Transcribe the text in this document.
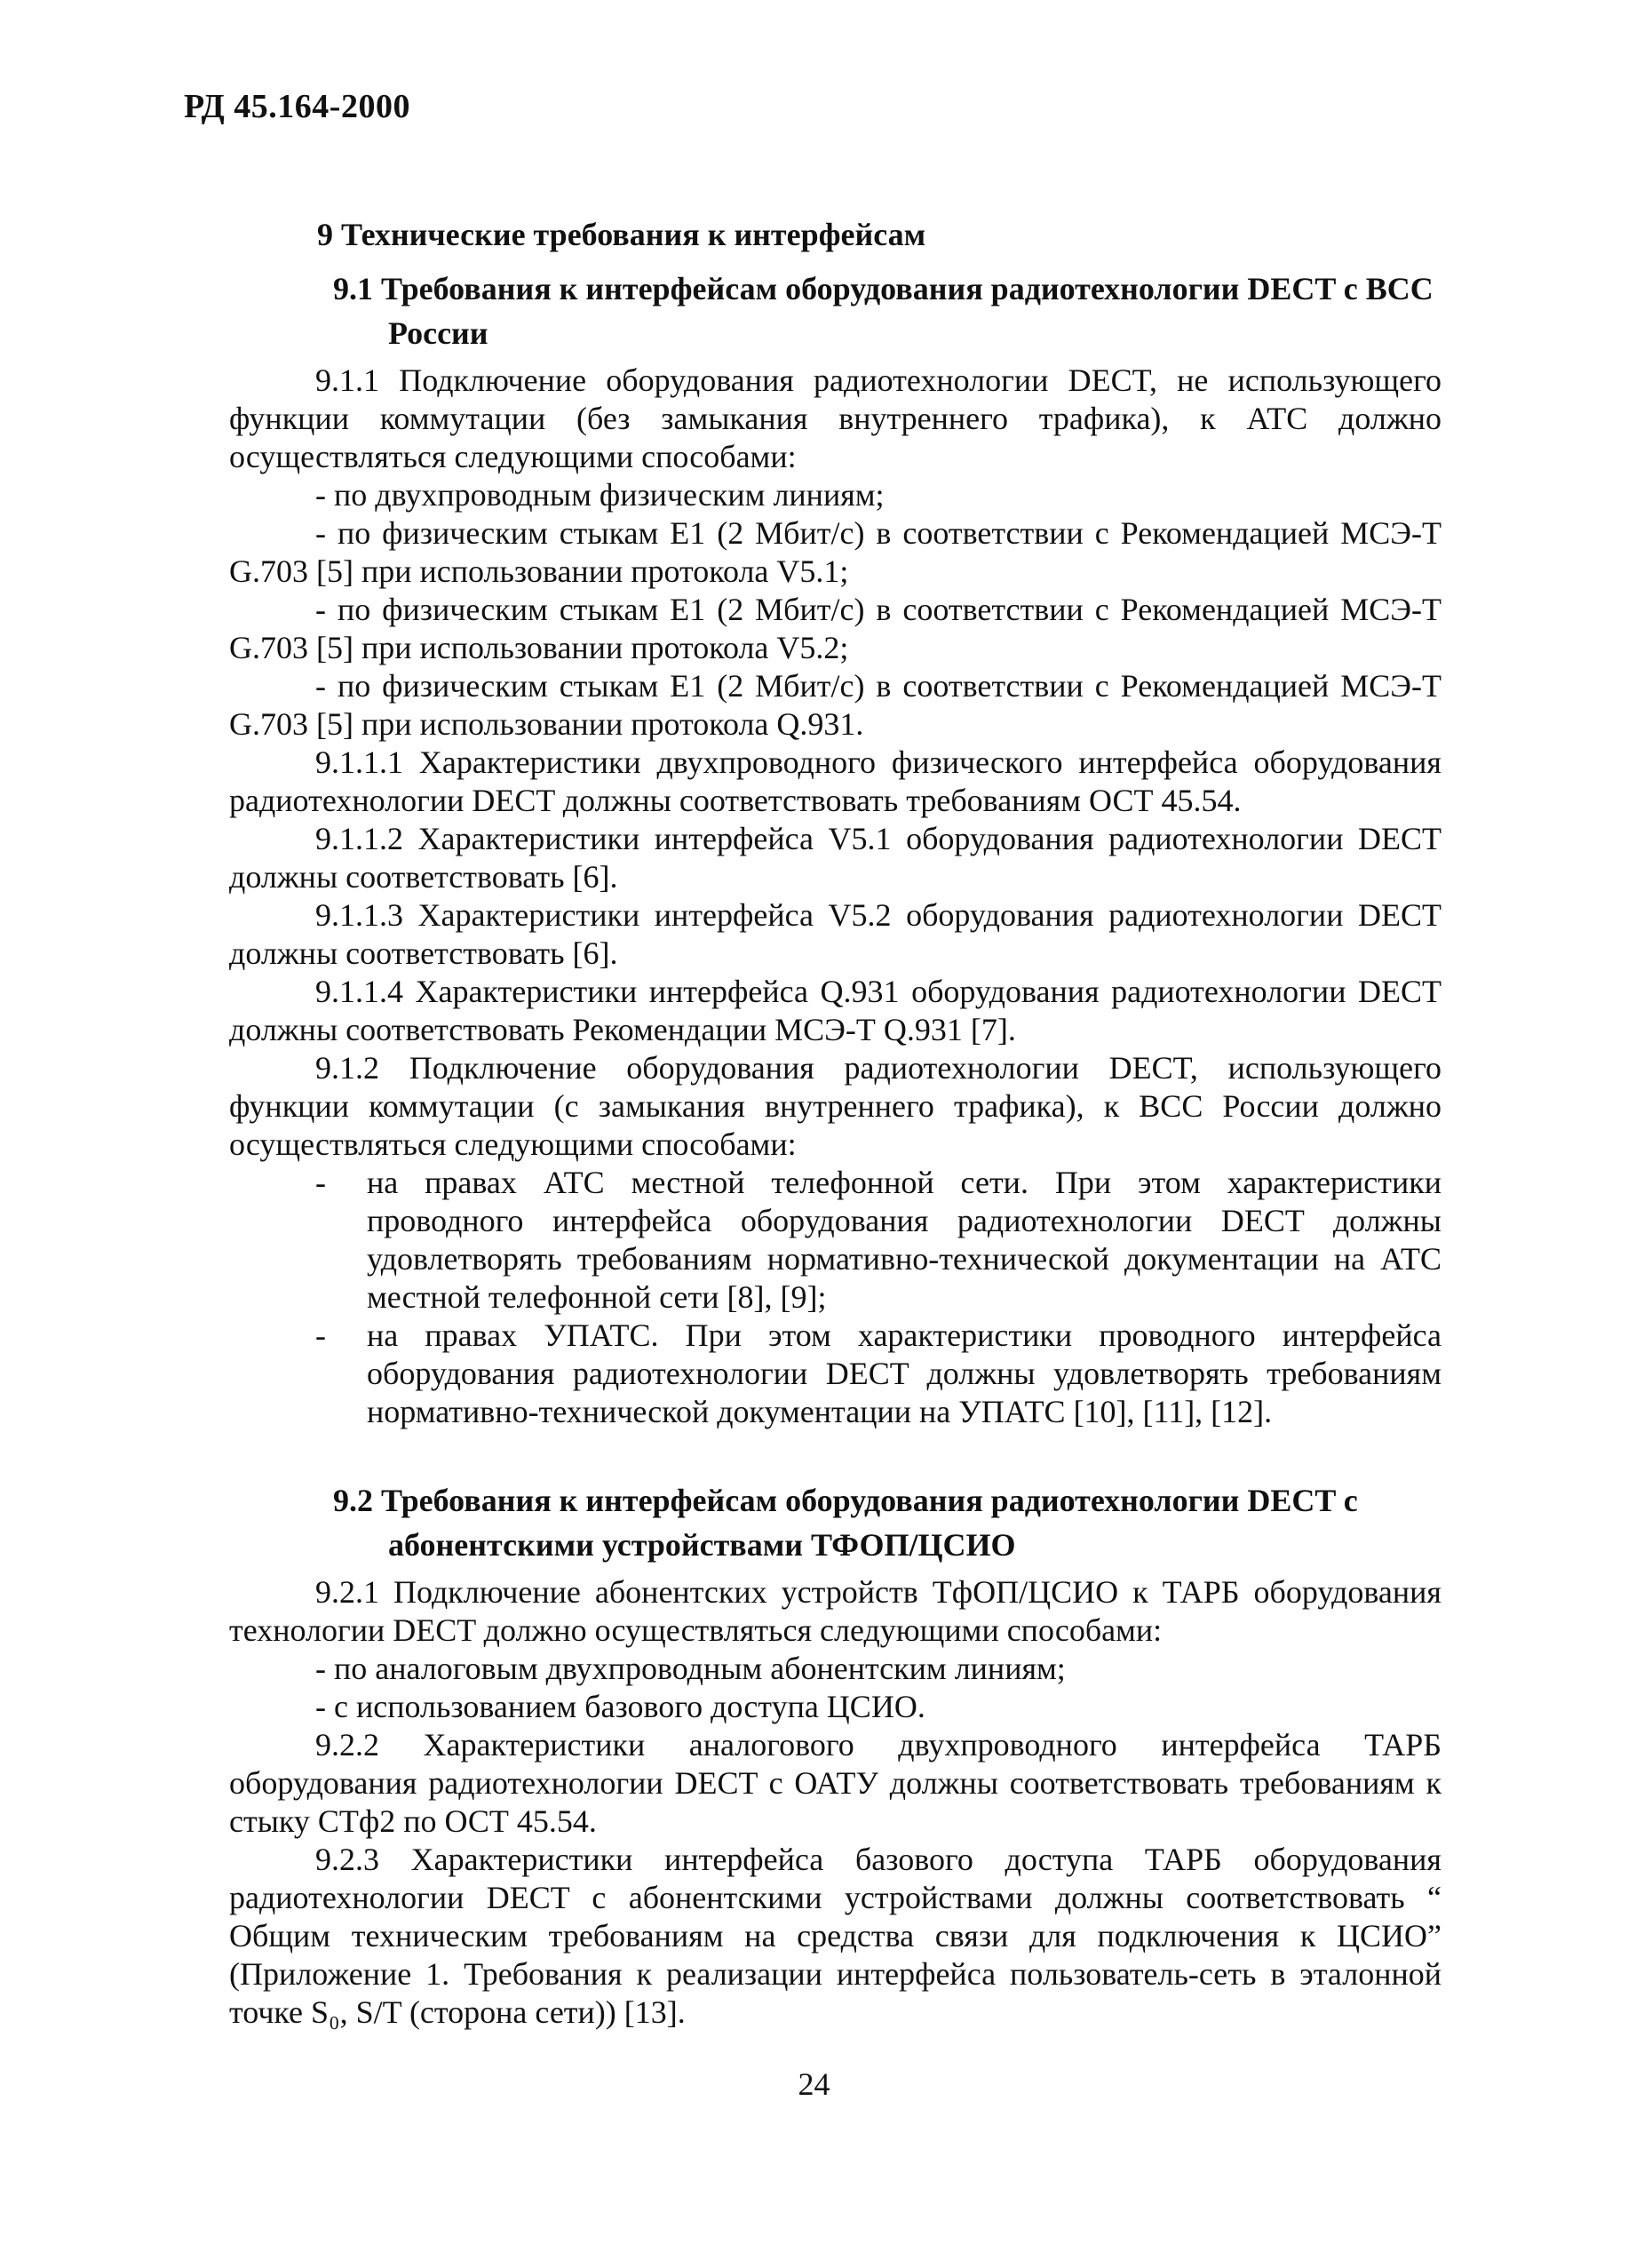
РД 45.164-2000
9 Технические требования к интерфейсам
9.1 Требования к интерфейсам оборудования радиотехнологии DECT с ВСС
России
9.1.1 Подключение оборудования радиотехнологии DECT, не использующего функции коммутации (без замыкания внутреннего трафика), к АТС должно осуществляться следующими способами:
- по двухпроводным физическим линиям;
- по физическим стыкам Е1 (2 Мбит/с) в соответствии с Рекомендацией МСЭ-Т G.703 [5] при использовании протокола V5.1;
- по физическим стыкам Е1 (2 Мбит/с) в соответствии с Рекомендацией МСЭ-Т G.703 [5] при использовании протокола V5.2;
- по физическим стыкам Е1 (2 Мбит/с) в соответствии с Рекомендацией МСЭ-Т G.703 [5] при использовании протокола Q.931.
9.1.1.1 Характеристики двухпроводного физического интерфейса оборудования радиотехнологии DECT должны соответствовать требованиям ОСТ 45.54.
9.1.1.2 Характеристики интерфейса V5.1 оборудования радиотехнологии DECT должны соответствовать [6].
9.1.1.3 Характеристики интерфейса V5.2 оборудования радиотехнологии DECT должны соответствовать [6].
9.1.1.4 Характеристики интерфейса Q.931 оборудования радиотехнологии DECT должны соответствовать Рекомендации МСЭ-Т Q.931 [7].
9.1.2 Подключение оборудования радиотехнологии DECT, использующего функции коммутации (с замыкания внутреннего трафика), к ВСС России должно осуществляться следующими способами:
- на правах АТС местной телефонной сети. При этом характеристики проводного интерфейса оборудования радиотехнологии DECT должны удовлетворять требованиям нормативно-технической документации на АТС местной телефонной сети [8], [9];
- на правах УПАТС. При этом характеристики проводного интерфейса оборудования радиотехнологии DECT должны удовлетворять требованиям нормативно-технической документации на УПАТС [10], [11], [12].
9.2 Требования к интерфейсам оборудования радиотехнологии DECT с
абонентскими устройствами ТФОП/ЦСИО
9.2.1 Подключение абонентских устройств ТфОП/ЦСИО к ТАРБ оборудования технологии DECT должно осуществляться следующими способами:
- по аналоговым двухпроводным абонентским линиям;
- с использованием базового доступа ЦСИО.
9.2.2 Характеристики аналогового двухпроводного интерфейса ТАРБ оборудования радиотехнологии DECT с ОАТУ должны соответствовать требованиям к стыку СТф2 по ОСТ 45.54.
9.2.3 Характеристики интерфейса базового доступа ТАРБ оборудования радиотехнологии DECT с абонентскими устройствами должны соответствовать “ Общим техническим требованиям на средства связи для подключения к ЦСИО” (Приложение 1. Требования к реализации интерфейса пользователь-сеть в эталонной точке S₀, S/T (сторона сети)) [13].
24
